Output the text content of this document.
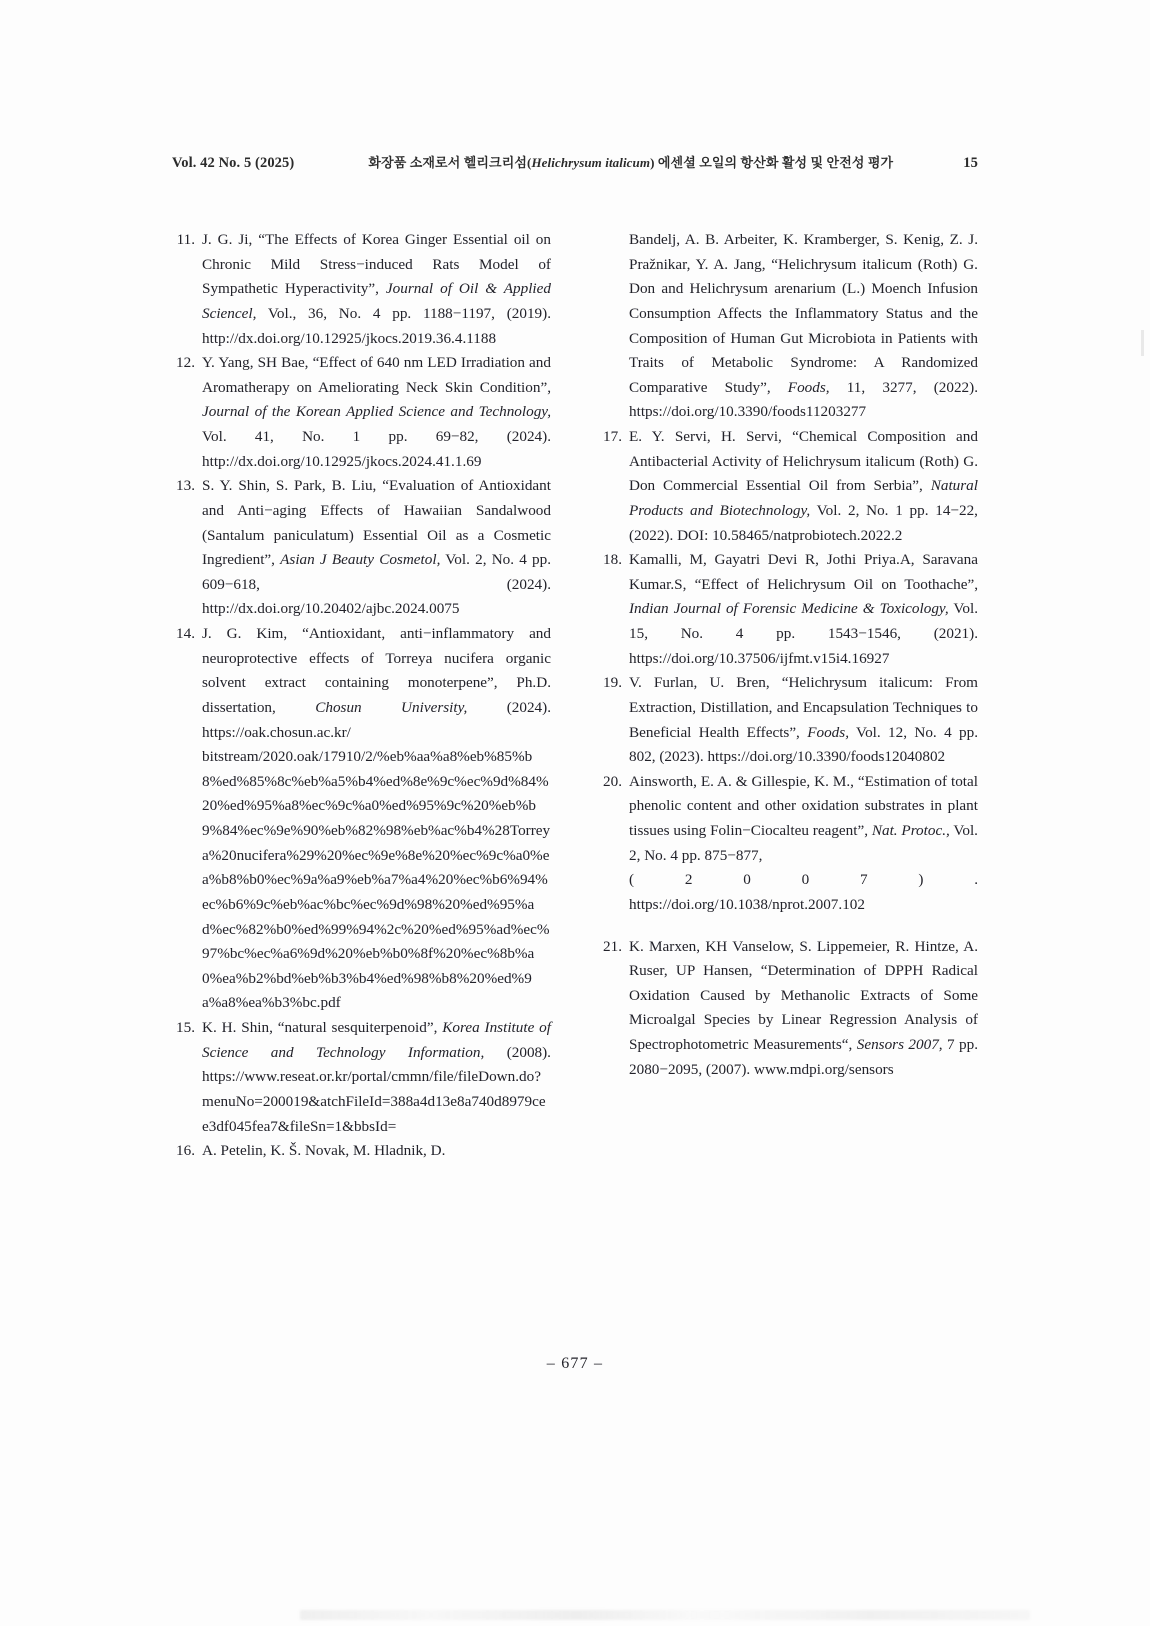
Vol. 42 No. 5 (2025)	화장품 소재로서 헬리크리섬(Helichrysum italicum) 에센셜 오일의 항산화 활성 및 안전성 평가	15
11. J. G. Ji, “The Effects of Korea Ginger Essential oil on Chronic Mild Stress−induced Rats Model of Sympathetic Hyperactivity”, Journal of Oil & Applied Sciencel, Vol., 36, No. 4 pp. 1188−1197, (2019). http://dx.doi.org/10.12925/jkocs.2019.36.4.1188
12. Y. Yang, SH Bae, “Effect of 640 nm LED Irradiation and Aromatherapy on Ameliorating Neck Skin Condition”, Journal of the Korean Applied Science and Technology, Vol. 41, No. 1 pp. 69−82, (2024). http://dx.doi.org/10.12925/jkocs.2024.41.1.69
13. S. Y. Shin, S. Park, B. Liu, “Evaluation of Antioxidant and Anti−aging Effects of Hawaiian Sandalwood (Santalum paniculatum) Essential Oil as a Cosmetic Ingredient”, Asian J Beauty Cosmetol, Vol. 2, No. 4 pp. 609−618, (2024). http://dx.doi.org/10.20402/ajbc.2024.0075
14. J. G. Kim, “Antioxidant, anti−inflammatory and neuroprotective effects of Torreya nucifera organic solvent extract containing monoterpene”, Ph.D. dissertation, Chosun University, (2024). https://oak.chosun.ac.kr/
bitstream/2020.oak/17910/2/%eb%aa%a8%eb%85%b8%ed%85%8c%eb%a5%b4%ed%8e%9c%ec%9d%84%20%ed%95%a8%ec%9c%a0%ed%95%9c%20%eb%b9%84%ec%9e%90%eb%82%98%eb%ac%b4%28Torreya%20nucifera%29%20%ec%9e%8e%20%ec%9c%a0%ea%b8%b0%ec%9a%a9%eb%a7%a4%20%ec%b6%94%ec%b6%9c%eb%ac%bc%ec%9d%98%20%ed%95%ad%ec%82%b0%ed%99%94%2c%20%ed%95%ad%ec%97%bc%ec%a6%9d%20%eb%b0%8f%20%ec%8b%a0%ea%b2%bd%eb%b3%b4%ed%98%b8%20%ed%9a%a8%ea%b3%bc.pdf
15. K. H. Shin, “natural sesquiterpenoid”, Korea Institute of Science and Technology Information, (2008). https://www.reseat.or.kr/portal/cmmn/file/fileDown.do?menuNo=200019&atchFileId=388a4d13e8a740d8979cee3df045fea7&fileSn=1&bbsId=
16. A. Petelin, K. Š. Novak, M. Hladnik, D.
Bandelj, A. B. Arbeiter, K. Kramberger, S. Kenig, Z. J. Pražnikar, Y. A. Jang, “Helichrysum italicum (Roth) G. Don and Helichrysum arenarium (L.) Moench Infusion Consumption Affects the Inflammatory Status and the Composition of Human Gut Microbiota in Patients with Traits of Metabolic Syndrome: A Randomized Comparative Study”, Foods, 11, 3277, (2022). https://doi.org/10.3390/foods11203277
17. E. Y. Servi, H. Servi, “Chemical Composition and Antibacterial Activity of Helichrysum italicum (Roth) G. Don Commercial Essential Oil from Serbia”, Natural Products and Biotechnology, Vol. 2, No. 1 pp. 14−22, (2022). DOI: 10.58465/natprobiotech.2022.2
18. Kamalli, M, Gayatri Devi R, Jothi Priya.A, Saravana Kumar.S, “Effect of Helichrysum Oil on Toothache”, Indian Journal of Forensic Medicine & Toxicology, Vol. 15, No. 4 pp. 1543−1546, (2021). https://doi.org/10.37506/ijfmt.v15i4.16927
19. V. Furlan, U. Bren, “Helichrysum italicum: From Extraction, Distillation, and Encapsulation Techniques to Beneficial Health Effects”, Foods, Vol. 12, No. 4 pp. 802, (2023). https://doi.org/10.3390/foods12040802
20. Ainsworth, E. A. & Gillespie, K. M., “Estimation of total phenolic content and other oxidation substrates in plant tissues using Folin−Ciocalteu reagent”, Nat. Protoc., Vol. 2, No. 4 pp. 875−877,
( 2 0 0 7 ) .
https://doi.org/10.1038/nprot.2007.102
21. K. Marxen, KH Vanselow, S. Lippemeier, R. Hintze, A. Ruser, UP Hansen, “Determination of DPPH Radical Oxidation Caused by Methanolic Extracts of Some Microalgal Species by Linear Regression Analysis of Spectrophotometric Measurements“, Sensors 2007, 7 pp. 2080−2095, (2007). www.mdpi.org/sensors
– 677 –
